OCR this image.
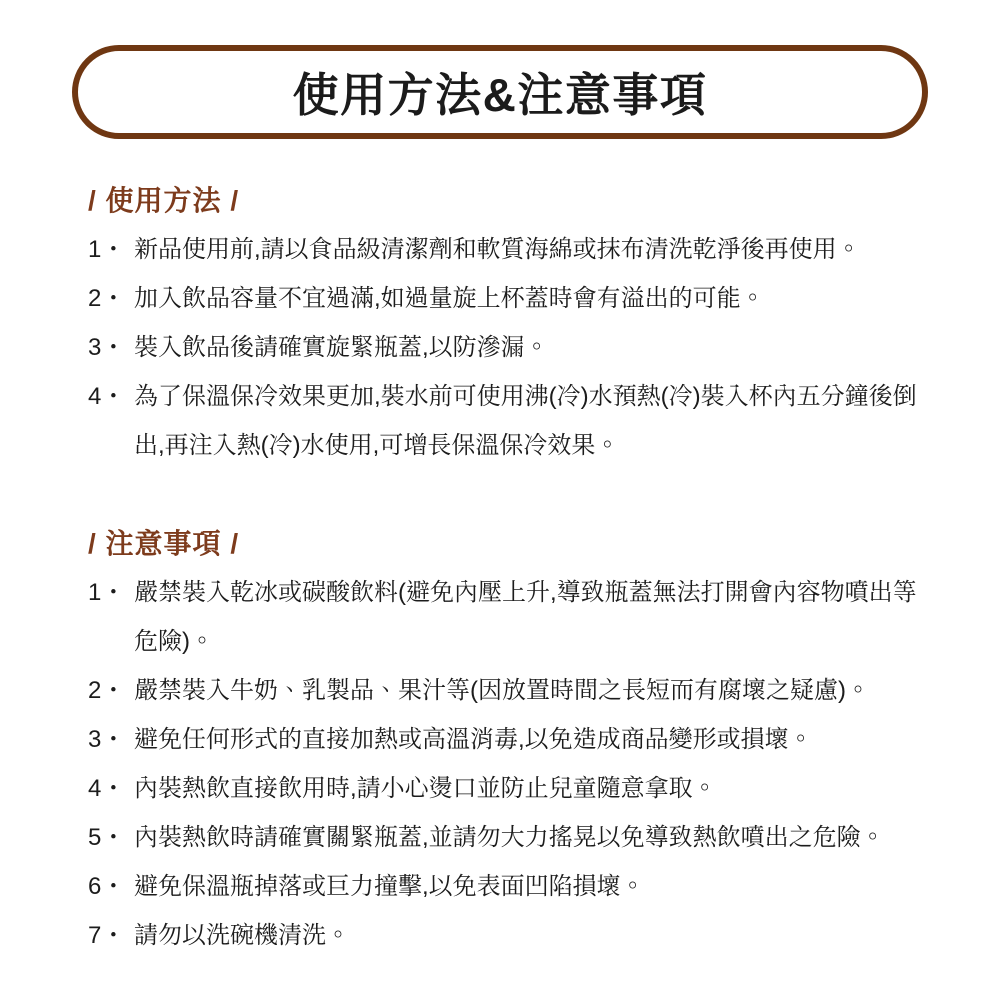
使用方法&注意事項
/ 使用方法 /
1・ 新品使用前,請以食品級清潔劑和軟質海綿或抹布清洗乾淨後再使用。
2・ 加入飲品容量不宜過滿,如過量旋上杯蓋時會有溢出的可能。
3・ 裝入飲品後請確實旋緊瓶蓋,以防滲漏。
4・ 為了保溫保冷效果更加,裝水前可使用沸(冷)水預熱(冷)裝入杯內五分鐘後倒出,再注入熱(冷)水使用,可增長保溫保冷效果。
/ 注意事項 /
1・ 嚴禁裝入乾冰或碳酸飲料(避免內壓上升,導致瓶蓋無法打開會內容物噴出等危險)。
2・ 嚴禁裝入牛奶、乳製品、果汁等(因放置時間之長短而有腐壞之疑慮)。
3・ 避免任何形式的直接加熱或高溫消毒,以免造成商品變形或損壞。
4・ 內裝熱飲直接飲用時,請小心燙口並防止兒童隨意拿取。
5・ 內裝熱飲時請確實關緊瓶蓋,並請勿大力搖晃以免導致熱飲噴出之危險。
6・ 避免保溫瓶掉落或巨力撞擊,以免表面凹陷損壞。
7・ 請勿以洗碗機清洗。
